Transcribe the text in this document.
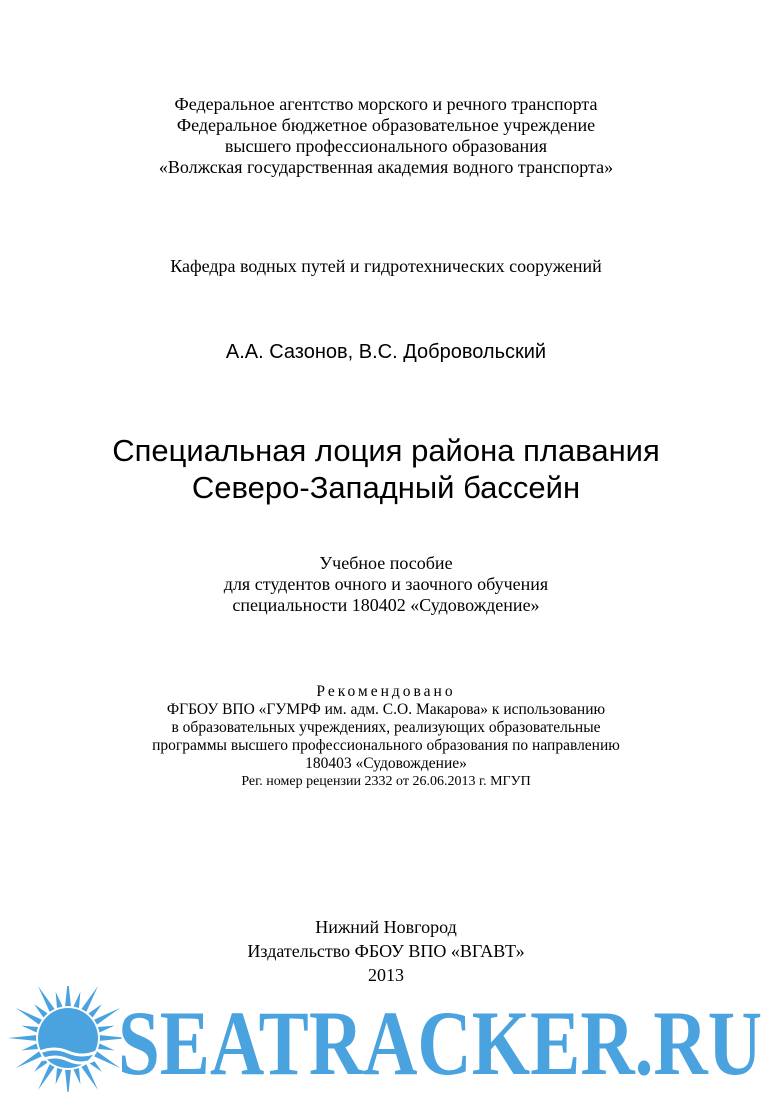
Федеральное агентство морского и речного транспорта
Федеральное бюджетное образовательное учреждение
высшего профессионального образования
«Волжская государственная академия водного транспорта»
Кафедра водных путей и гидротехнических сооружений
А.А. Сазонов, В.С. Добровольский
Специальная лоция района плавания
Северо-Западный бассейн
Учебное пособие
для студентов очного и заочного обучения
специальности 180402 «Судовождение»
Рекомендовано
ФГБОУ ВПО «ГУМРФ им. адм. С.О. Макарова» к использованию
в образовательных учреждениях, реализующих образовательные
программы высшего профессионального образования по направлению
180403 «Судовождение»
Рег. номер рецензии 2332 от 26.06.2013 г. МГУП
Нижний Новгород
Издательство ФБОУ ВПО «ВГАВТ»
2013
SEATRACKER.RU
